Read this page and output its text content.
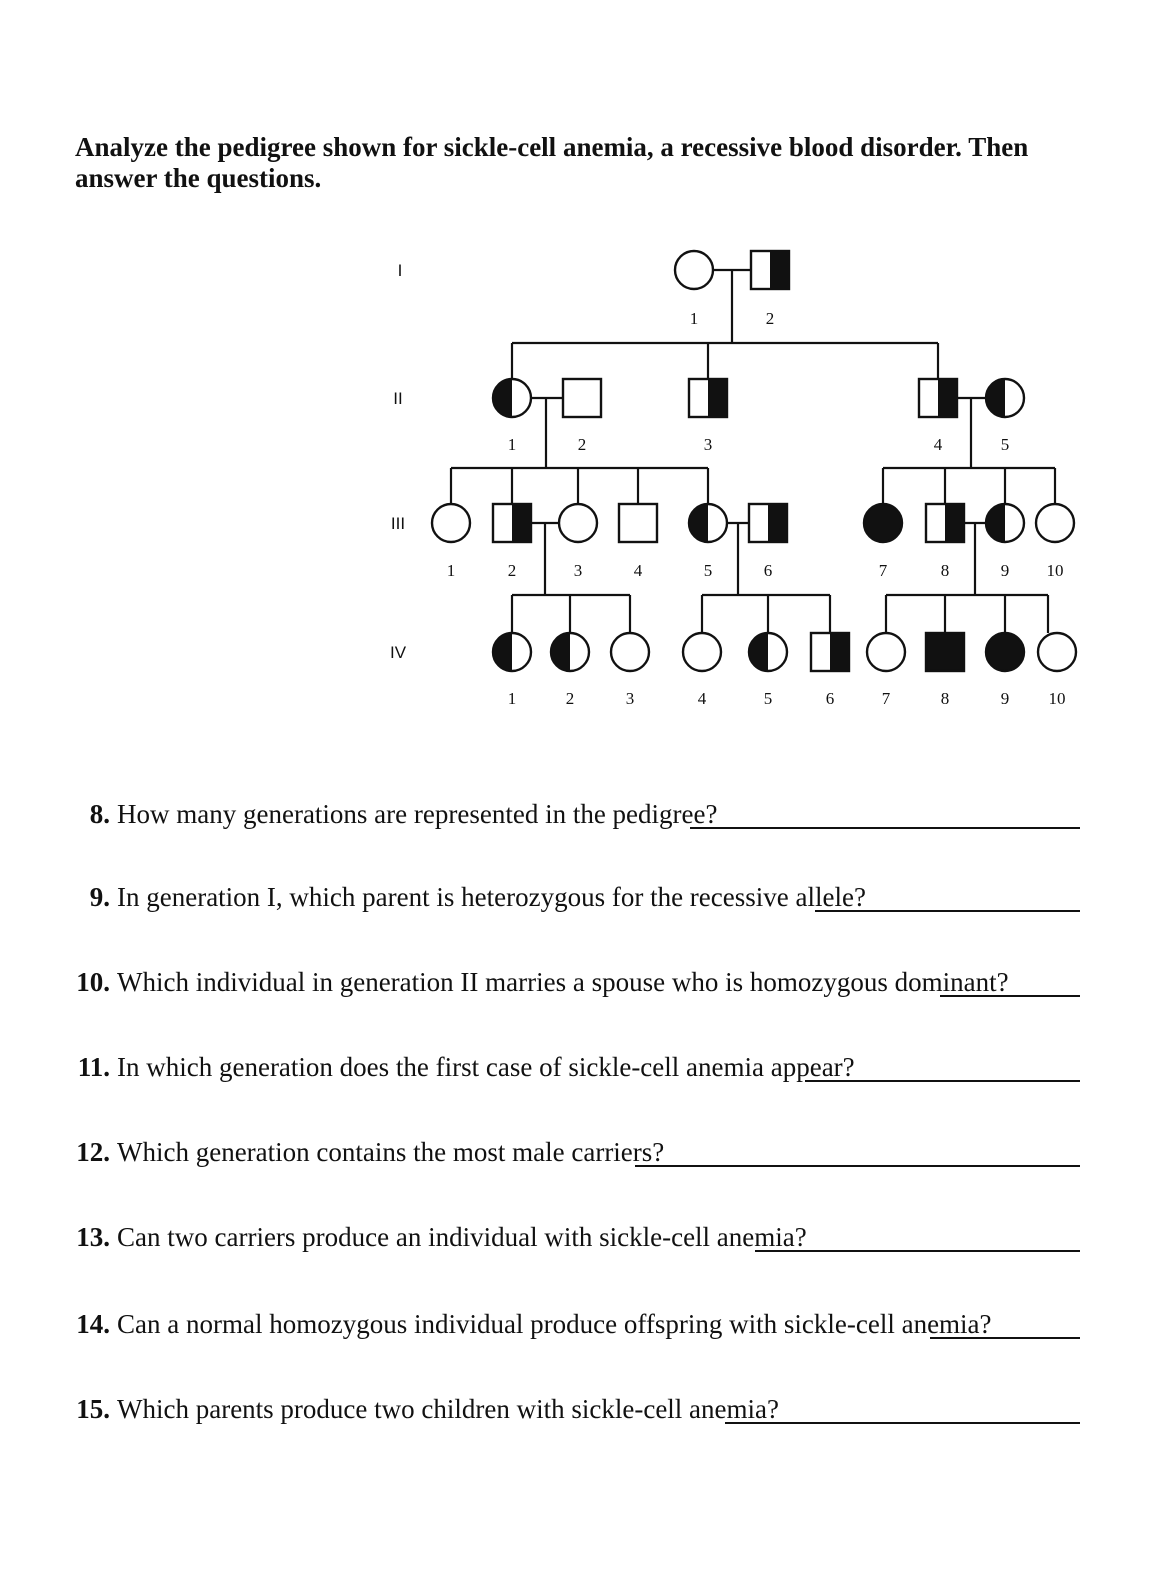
Analyze the pedigree shown for sickle-cell anemia, a recessive blood disorder. Then answer the questions.
I
1	2
II
1	2	3	4	5
III
1	2	3	4	5	6	7	8	9 10
IV
1	2	3	4	5	6	7	8	9 10
8. How many generations are represented in the pedigree?
9. In generation I, which parent is heterozygous for the recessive allele?
10. Which individual in generation II marries a spouse who is homozygous dominant?
11. In which generation does the first case of sickle-cell anemia appear?
12. Which generation contains the most male carriers?
13. Can two carriers produce an individual with sickle-cell anemia?
14. Can a normal homozygous individual produce offspring with sickle-cell anemia?
15. Which parents produce two children with sickle-cell anemia?
